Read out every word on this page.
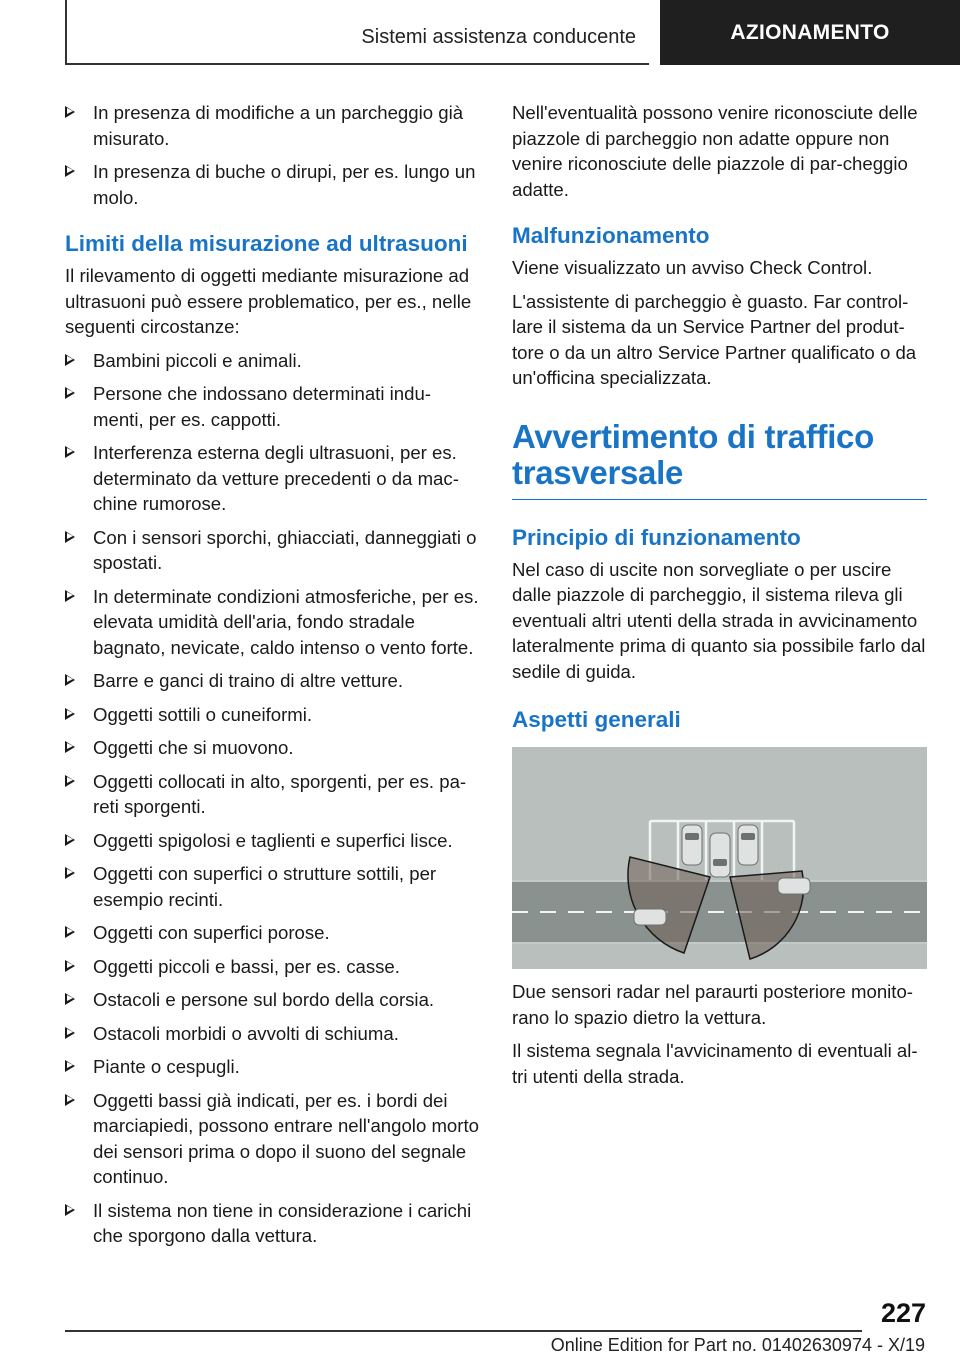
Sistemi assistenza conducente	AZIONAMENTO
In presenza di modifiche a un parcheggio già misurato.
In presenza di buche o dirupi, per es. lungo un molo.
Limiti della misurazione ad ultrasuoni

Il rilevamento di oggetti mediante misurazione ad ultrasuoni può essere problematico, per es., nelle seguenti circostanze:

Bambini piccoli e animali.
Persone che indossano determinati indu-menti, per es. cappotti.
Interferenza esterna degli ultrasuoni, per es. determinato da vetture precedenti o da mac-chine rumorose.
Con i sensori sporchi, ghiacciati, danneggiati o spostati.
In determinate condizioni atmosferiche, per es. elevata umidità dell'aria, fondo stradale bagnato, nevicate, caldo intenso o vento forte.
Barre e ganci di traino di altre vetture.
Oggetti sottili o cuneiformi.
Oggetti che si muovono.
Oggetti collocati in alto, sporgenti, per es. pa-reti sporgenti.
Oggetti spigolosi e taglienti e superfici lisce.
Oggetti con superfici o strutture sottili, per esempio recinti.
Oggetti con superfici porose.
Oggetti piccoli e bassi, per es. casse.
Ostacoli e persone sul bordo della corsia.
Ostacoli morbidi o avvolti di schiuma.
Piante o cespugli.
Oggetti bassi già indicati, per es. i bordi dei marciapiedi, possono entrare nell'angolo morto dei sensori prima o dopo il suono del segnale continuo.
Il sistema non tiene in considerazione i carichi che sporgono dalla vettura.

Nell'eventualità possono venire riconosciute delle piazzole di parcheggio non adatte oppure non venire riconosciute delle piazzole di par-cheggio adatte.

Malfunzionamento

Viene visualizzato un avviso Check Control.

L'assistente di parcheggio è guasto. Far control-lare il sistema da un Service Partner del produt-tore o da un altro Service Partner qualificato o da un'officina specializzata.

Avvertimento di traffico trasversale
Principio di funzionamento

Nel caso di uscite non sorvegliate o per uscire dalle piazzole di parcheggio, il sistema rileva gli eventuali altri utenti della strada in avvicinamento lateralmente prima di quanto sia possibile farlo dal sedile di guida.

Aspetti generali

Due sensori radar nel paraurti posteriore monito-rano lo spazio dietro la vettura.

Il sistema segnala l'avvicinamento di eventuali al-tri utenti della strada.

227
Online Edition for Part no. 01402630974 - X/19
